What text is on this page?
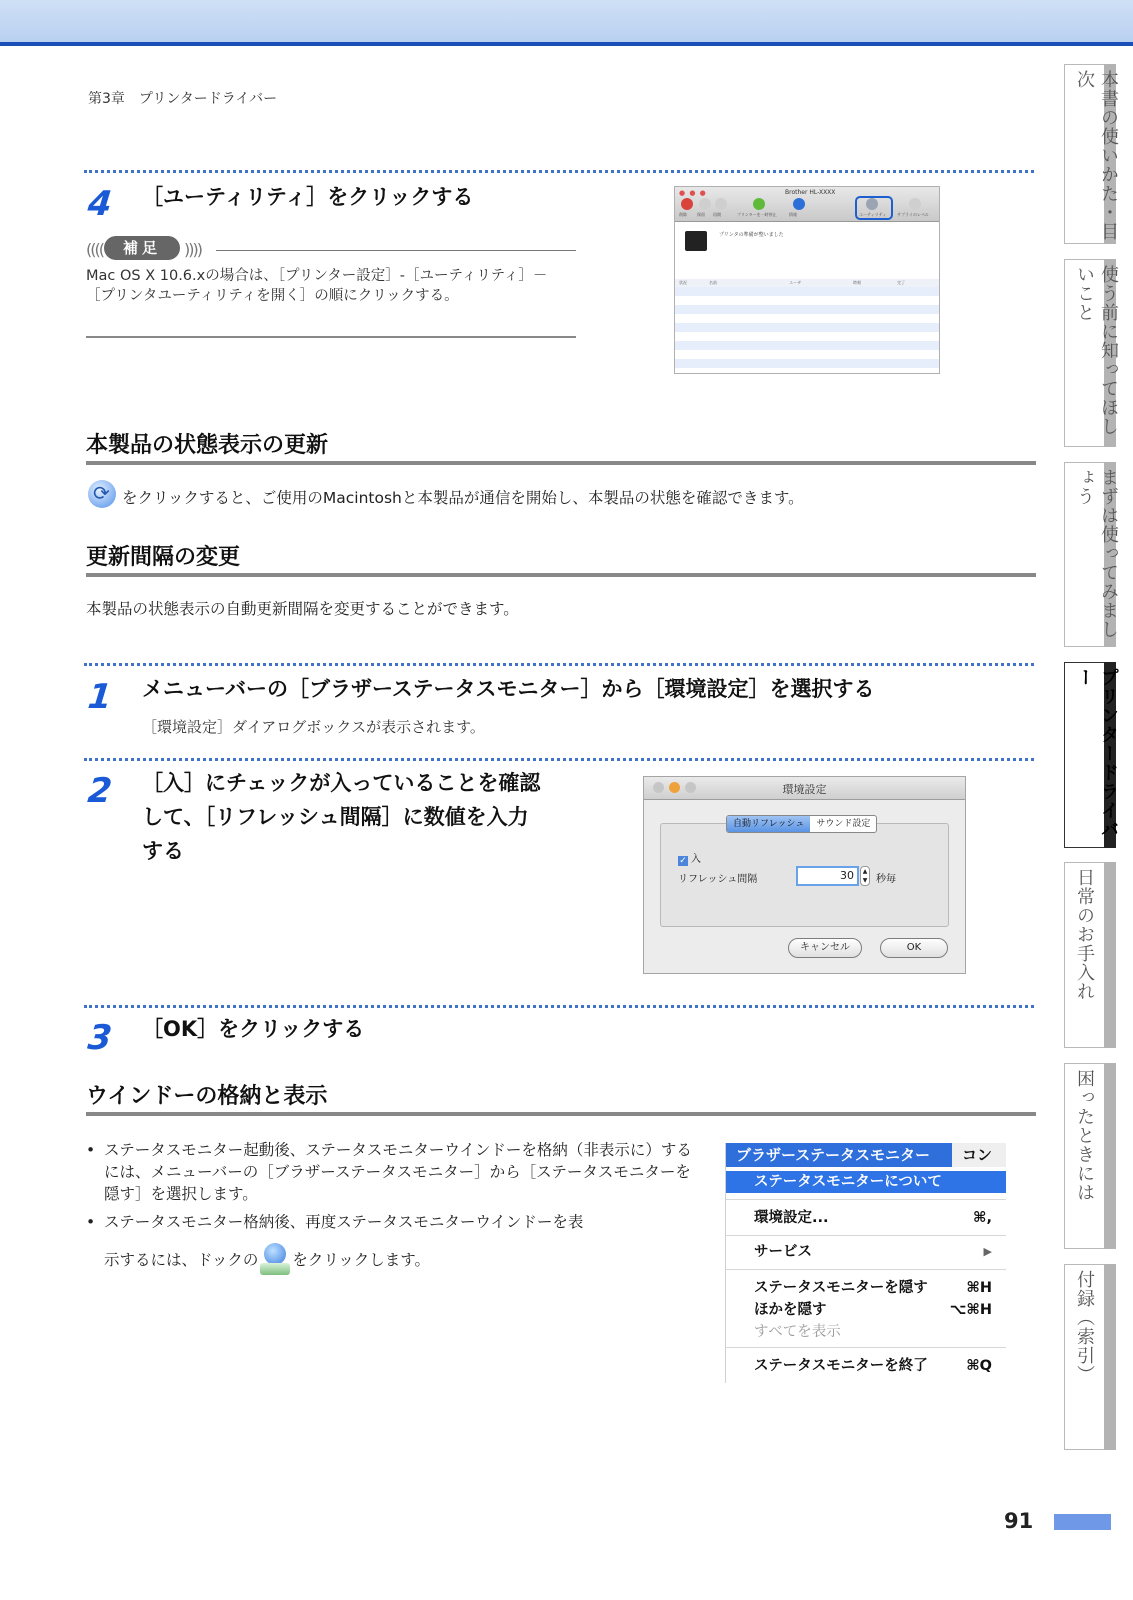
第3章　プリンタードライバー	本書の使いかた・目次
使う前に知ってほしいこと
まずは使ってみましょう
プリンタードライバー
日常のお手入れ
困ったときには
付録（索引）
4 ［ユーティリティ］をクリックする
((((	補足	))))
Mac OS X 10.6.xの場合は、［プリンター設定］-［ユーティリティ］－［プリンタユーティリティを開く］の順にクリックする。
● ● ●	Brother HL-XXXX
削除	保留 再開	プリンターを一時停止	情報	ユーティリティ	サプライのレベル
プリンタの準備が整いました
状況	名前	ユーザ	時刻	完了
本製品の状態表示の更新
⟳
をクリックすると、ご使用のMacintoshと本製品が通信を開始し、本製品の状態を確認できます。
更新間隔の変更
本製品の状態表示の自動更新間隔を変更することができます。
1 メニューバーの［ブラザーステータスモニター］から［環境設定］を選択する
［環境設定］ダイアログボックスが表示されます。
2 ［入］にチェックが入っていることを確認
して、［リフレッシュ間隔］に数値を入力
する
環境設定
自動リフレッシュ	サウンド設定
✓ 入
リフレッシュ間隔	30	▲
▼ 秒毎
キャンセル	OK
3 ［OK］をクリックする
ウインドーの格納と表示
• ステータスモニター起動後、ステータスモニターウインドーを格納（非表示に）するには、メニューバーの［ブラザーステータスモニター］から［ステータスモニターを隠す］を選択します。
• ステータスモニター格納後、再度ステータスモニターウインドーを表
示するには、ドックの をクリックします。
ブラザーステータスモニター	コン
ステータスモニターについて
環境設定...	⌘,
サービス	▶
ステータスモニターを隠す	⌘H
ほかを隠す	⌥⌘H
すべてを表示
ステータスモニターを終了	⌘Q
91
